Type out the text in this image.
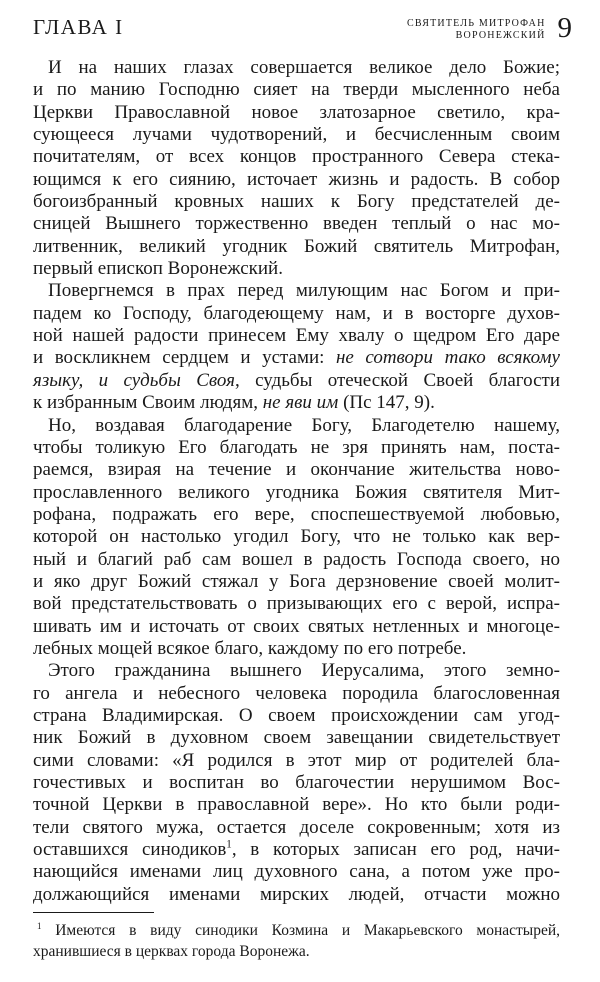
ГЛАВА I	СВЯТИТЕЛЬ МИТРОФАН
ВОРОНЕЖСКИЙ 9
И на наших глазах совершается великое дело Божие;
и по манию Господню сияет на тверди мысленного неба
Церкви Православной новое златозарное светило, кра-
сующееся лучами чудотворений, и бесчисленным своим
почитателям, от всех концов пространного Севера стека-
ющимся к его сиянию, источает жизнь и радость. В собор
богоизбранный кровных наших к Богу предстателей де-
сницей Вышнего торжественно введен теплый о нас мо-
литвенник, великий угодник Божий святитель Митрофан,
первый епископ Воронежский.
Повергнемся в прах перед милующим нас Богом и при-
падем ко Господу, благодеющему нам, и в восторге духов-
ной нашей радости принесем Ему хвалу о щедром Его даре
и воскликнем сердцем и устами: не сотвори тако всякому
языку, и судьбы Своя, судьбы отеческой Своей благости
к избранным Своим людям, не яви им (Пс 147, 9).
Но, воздавая благодарение Богу, Благодетелю нашему,
чтобы толикую Его благодать не зря принять нам, поста-
раемся, взирая на течение и окончание жительства ново-
прославленного великого угодника Божия святителя Мит-
рофана, подражать его вере, споспешествуемой любовью,
которой он настолько угодил Богу, что не только как вер-
ный и благий раб сам вошел в радость Господа своего, но
и яко друг Божий стяжал у Бога дерзновение своей молит-
вой предстательствовать о призывающих его с верой, испра-
шивать им и источать от своих святых нетленных и многоце-
лебных мощей всякое благо, каждому по его потребе.
Этого гражданина вышнего Иерусалима, этого земно-
го ангела и небесного человека породила благословенная
страна Владимирская. О своем происхождении сам угод-
ник Божий в духовном своем завещании свидетельствует
сими словами: «Я родился в этот мир от родителей бла-
гочестивых и воспитан во благочестии нерушимом Вос-
точной Церкви в православной вере». Но кто были роди-
тели святого мужа, остается доселе сокровенным; хотя из
оставшихся синодиков$^1$, в которых записан его род, начи-
нающийся именами лиц духовного сана, а потом уже про-
должающийся именами мирских людей, отчасти можно
$^1$ Имеются в виду синодики Козмина и Макарьевского монастырей,
хранившиеся в церквах города Воронежа.
